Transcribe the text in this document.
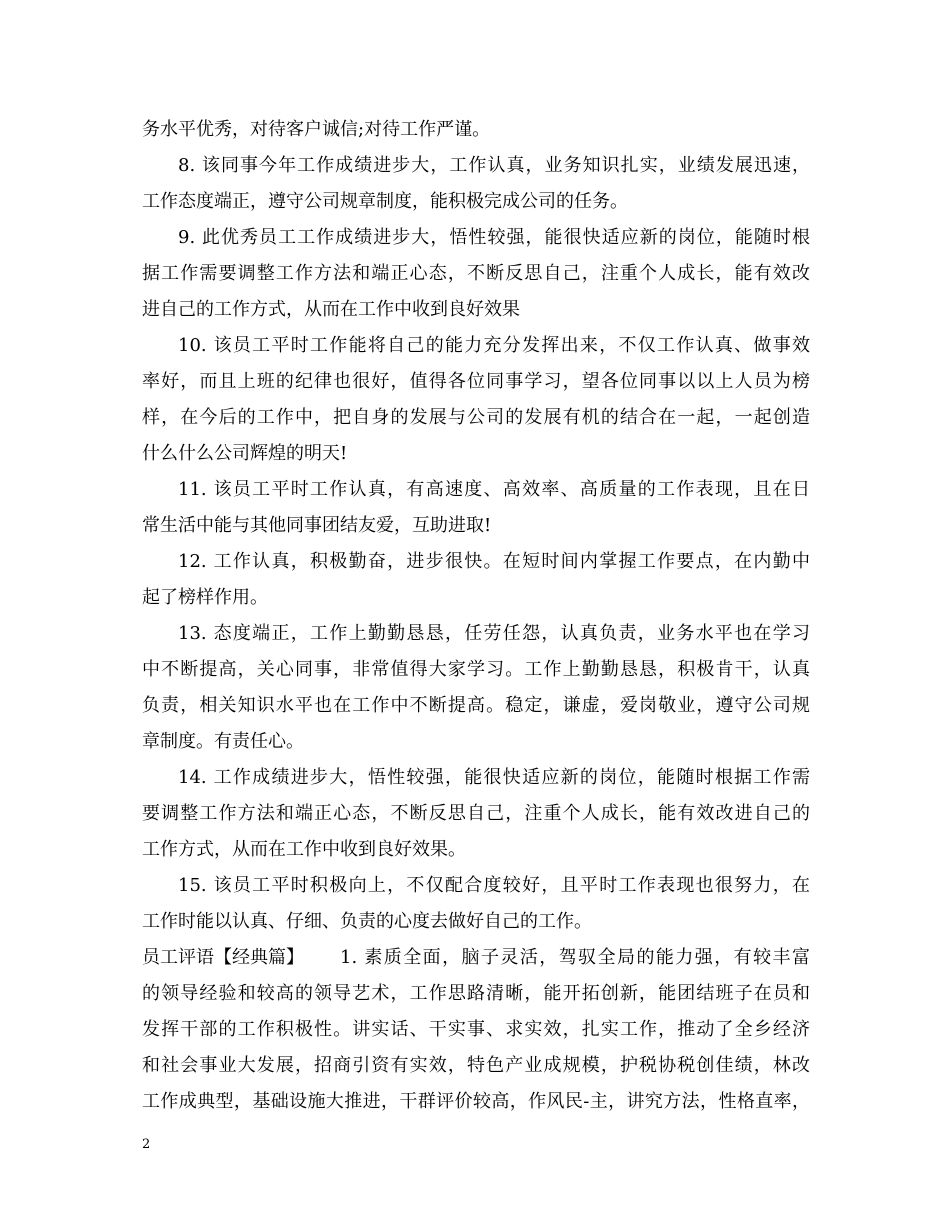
务水平优秀，对待客户诚信;对待工作严谨。
8. 该同事今年工作成绩进步大，工作认真，业务知识扎实，业绩发展迅速，
工作态度端正，遵守公司规章制度，能积极完成公司的任务。
9. 此优秀员工工作成绩进步大，悟性较强，能很快适应新的岗位，能随时根
据工作需要调整工作方法和端正心态，不断反思自己，注重个人成长，能有效改
进自己的工作方式，从而在工作中收到良好效果
10. 该员工平时工作能将自己的能力充分发挥出来，不仅工作认真、做事效
率好，而且上班的纪律也很好，值得各位同事学习，望各位同事以以上人员为榜
样，在今后的工作中，把自身的发展与公司的发展有机的结合在一起，一起创造
什么什么公司辉煌的明天!
11. 该员工平时工作认真，有高速度、高效率、高质量的工作表现，且在日
常生活中能与其他同事团结友爱，互助进取!
12. 工作认真，积极勤奋，进步很快。在短时间内掌握工作要点，在内勤中
起了榜样作用。
13. 态度端正，工作上勤勤恳恳，任劳任怨，认真负责，业务水平也在学习
中不断提高，关心同事，非常值得大家学习。工作上勤勤恳恳，积极肯干，认真
负责，相关知识水平也在工作中不断提高。稳定，谦虚，爱岗敬业，遵守公司规
章制度。有责任心。
14. 工作成绩进步大，悟性较强，能很快适应新的岗位，能随时根据工作需
要调整工作方法和端正心态，不断反思自己，注重个人成长，能有效改进自己的
工作方式，从而在工作中收到良好效果。
15. 该员工平时积极向上，不仅配合度较好，且平时工作表现也很努力，在
工作时能以认真、仔细、负责的心度去做好自己的工作。
员工评语【经典篇】	1. 素质全面，脑子灵活，驾驭全局的能力强，有较丰富
的领导经验和较高的领导艺术，工作思路清晰，能开拓创新，能团结班子在员和
发挥干部的工作积极性。讲实话、干实事、求实效，扎实工作，推动了全乡经济
和社会事业大发展，招商引资有实效，特色产业成规模，护税协税创佳绩，林改
工作成典型，基础设施大推进，干群评价较高，作风民-主，讲究方法，性格直率，
2
